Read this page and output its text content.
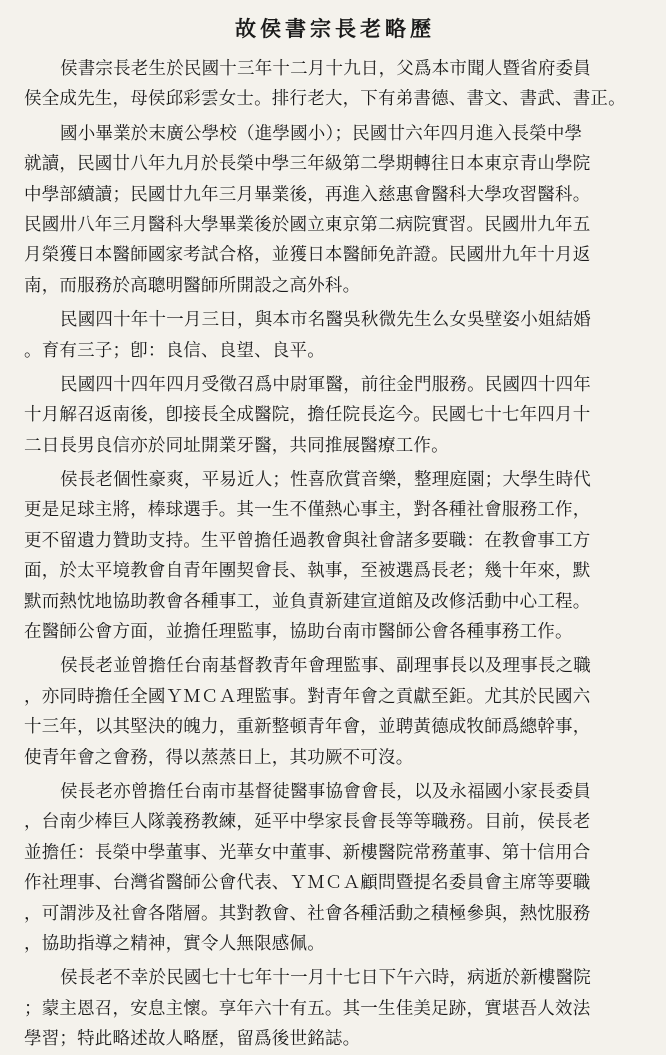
故侯書宗長老略歷
侯書宗長老生於民國十三年十二月十九日，父爲本市聞人暨省府委員
侯全成先生，母侯邱彩雲女士。排行老大，下有弟書德、書文、書武、書正。
國小畢業於末廣公學校（進學國小）；民國廿六年四月進入長榮中學
就讀，民國廿八年九月於長榮中學三年級第二學期轉往日本東京青山學院
中學部續讀；民國廿九年三月畢業後，再進入慈惠會醫科大學攻習醫科。
民國卅八年三月醫科大學畢業後於國立東京第二病院實習。民國卅九年五
月榮獲日本醫師國家考試合格，並獲日本醫師免許證。民國卅九年十月返
南，而服務於高聰明醫師所開設之高外科。
民國四十年十一月三日，與本市名醫吳秋微先生么女吳壁姿小姐結婚
。育有三子；卽：良信、良望、良平。
民國四十四年四月受徵召爲中尉軍醫，前往金門服務。民國四十四年
十月解召返南後，卽接長全成醫院，擔任院長迄今。民國七十七年四月十
二日長男良信亦於同址開業牙醫，共同推展醫療工作。
侯長老個性豪爽，平易近人；性喜欣賞音樂，整理庭園；大學生時代
更是足球主將，棒球選手。其一生不僅熱心事主，對各種社會服務工作，
更不留遺力贊助支持。生平曾擔任過教會與社會諸多要職：在教會事工方
面，於太平境教會自青年團契會長、執事，至被選爲長老；幾十年來，默
默而熱忱地協助教會各種事工，並負責新建宣道館及改修活動中心工程。
在醫師公會方面，並擔任理監事，協助台南市醫師公會各種事務工作。
侯長老並曾擔任台南基督教青年會理監事、副理事長以及理事長之職
，亦同時擔任全國ＹＭＣＡ理監事。對青年會之貢獻至鉅。尤其於民國六
十三年，以其堅決的魄力，重新整頓青年會，並聘黃德成牧師爲總幹事，
使青年會之會務，得以蒸蒸日上，其功厥不可沒。
侯長老亦曾擔任台南市基督徒醫事協會會長，以及永福國小家長委員
，台南少棒巨人隊義務教練，延平中學家長會長等等職務。目前，侯長老
並擔任：長榮中學董事、光華女中董事、新樓醫院常務董事、第十信用合
作社理事、台灣省醫師公會代表、ＹＭＣＡ顧問暨提名委員會主席等要職
，可謂涉及社會各階層。其對教會、社會各種活動之積極參與，熱忱服務
，協助指導之精神，實令人無限感佩。
侯長老不幸於民國七十七年十一月十七日下午六時，病逝於新樓醫院
；蒙主恩召，安息主懷。享年六十有五。其一生佳美足跡，實堪吾人效法
學習；特此略述故人略歷，留爲後世銘誌。
